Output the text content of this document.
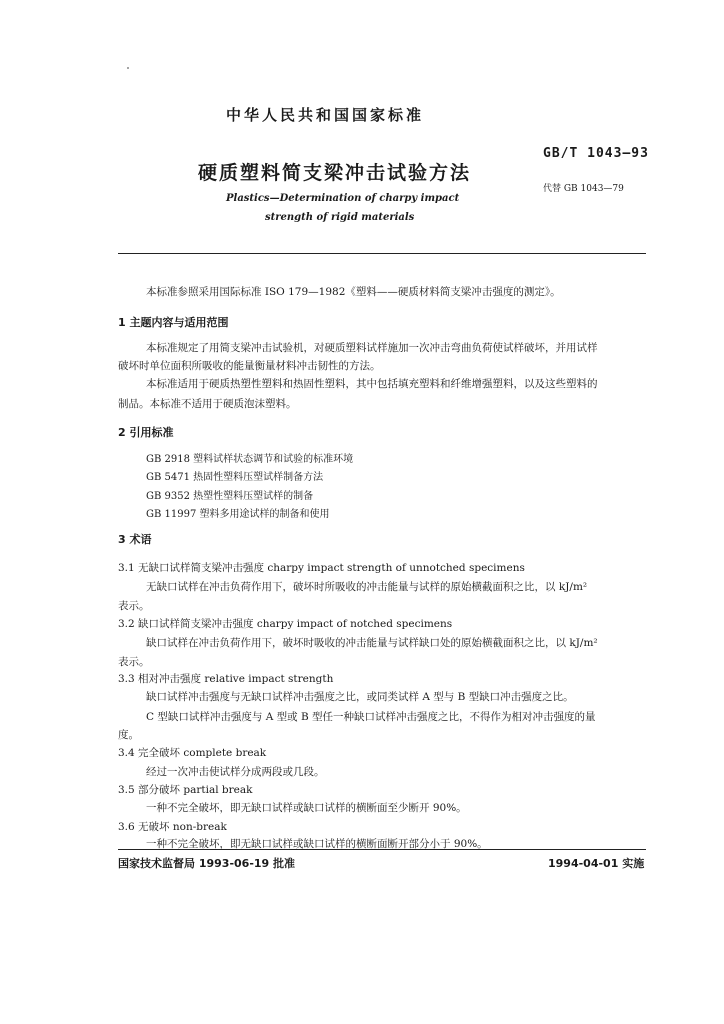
中华人民共和国国家标准
GB/T 1043—93
硬质塑料简支梁冲击试验方法
代替 GB 1043—79
Plastics—Determination of charpy impact
strength of rigid materials
本标准参照采用国际标准 ISO 179—1982《塑料——硬质材料简支梁冲击强度的测定》。
1 主题内容与适用范围
本标准规定了用简支梁冲击试验机，对硬质塑料试样施加一次冲击弯曲负荷使试样破坏，并用试样
破坏时单位面积所吸收的能量衡量材料冲击韧性的方法。
本标准适用于硬质热塑性塑料和热固性塑料，其中包括填充塑料和纤维增强塑料，以及这些塑料的
制品。本标准不适用于硬质泡沫塑料。
2 引用标准
GB 2918 塑料试样状态调节和试验的标准环境
GB 5471 热固性塑料压塑试样制备方法
GB 9352 热塑性塑料压塑试样的制备
GB 11997 塑料多用途试样的制备和使用
3 术语
3.1 无缺口试样简支梁冲击强度 charpy impact strength of unnotched specimens
无缺口试样在冲击负荷作用下，破坏时所吸收的冲击能量与试样的原始横截面积之比，以 kJ/m²
表示。
3.2 缺口试样简支梁冲击强度 charpy impact of notched specimens
缺口试样在冲击负荷作用下，破坏时吸收的冲击能量与试样缺口处的原始横截面积之比，以 kJ/m²
表示。
3.3 相对冲击强度 relative impact strength
缺口试样冲击强度与无缺口试样冲击强度之比，或同类试样 A 型与 B 型缺口冲击强度之比。
C 型缺口试样冲击强度与 A 型或 B 型任一种缺口试样冲击强度之比，不得作为相对冲击强度的量
度。
3.4 完全破坏 complete break
经过一次冲击使试样分成两段或几段。
3.5 部分破坏 partial break
一种不完全破坏，即无缺口试样或缺口试样的横断面至少断开 90%。
3.6 无破坏 non-break
一种不完全破坏，即无缺口试样或缺口试样的横断面断开部分小于 90%。
国家技术监督局 1993-06-19 批准	1994-04-01 实施
